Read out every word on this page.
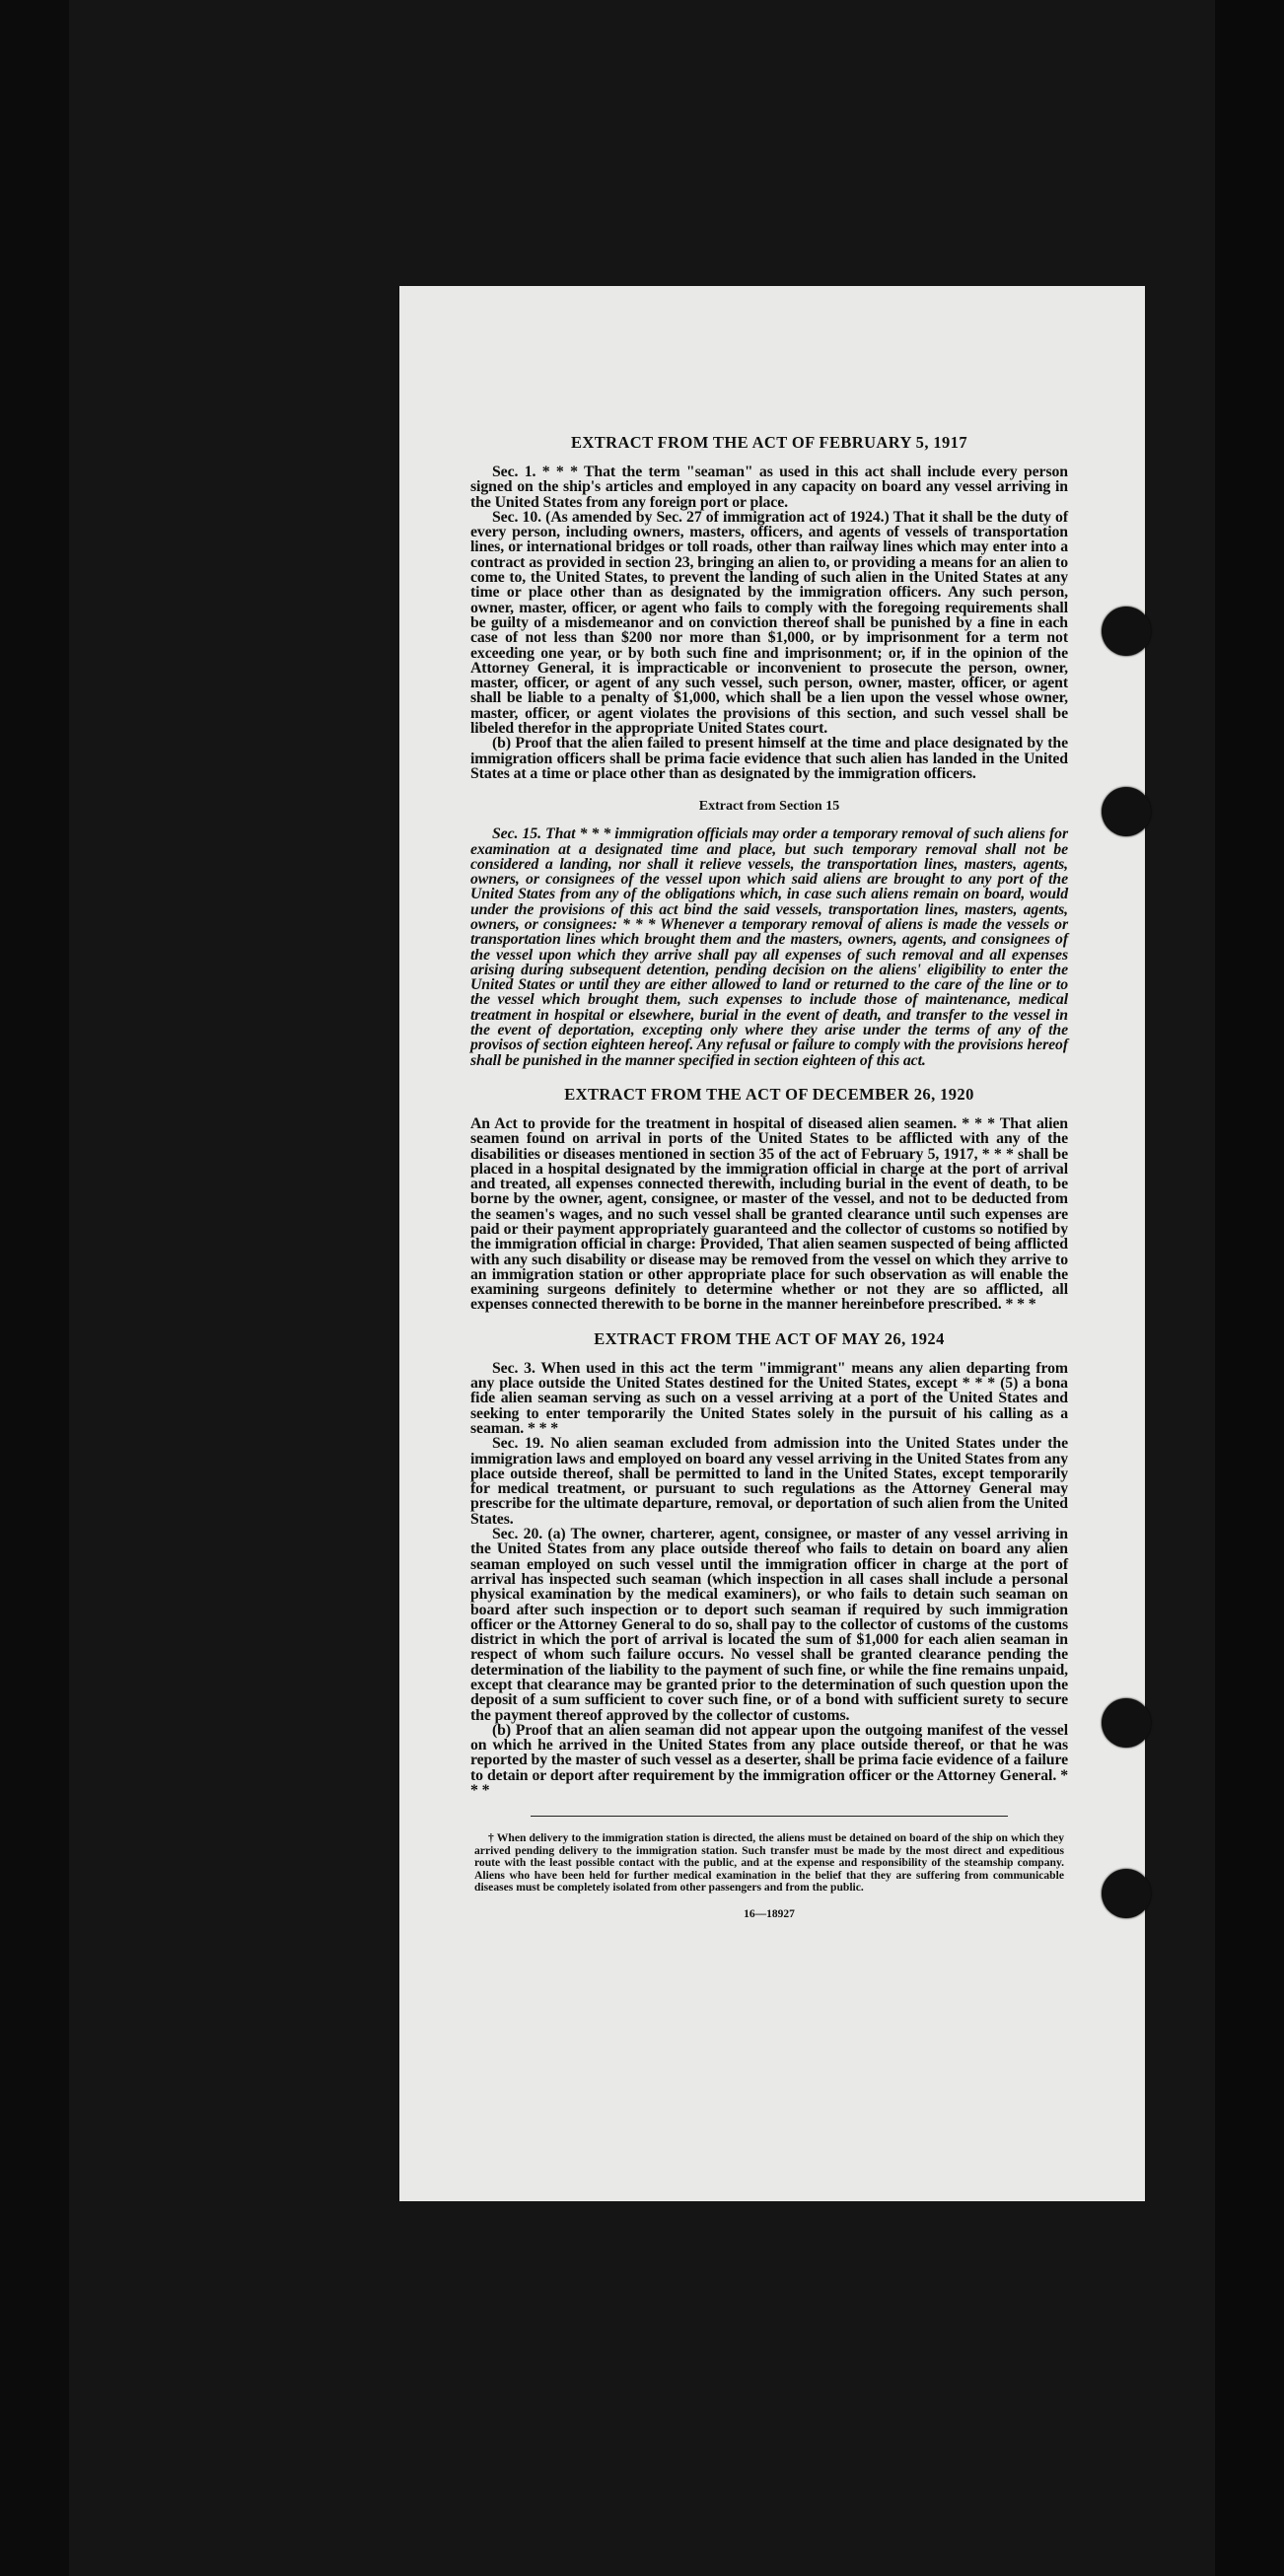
EXTRACT FROM THE ACT OF FEBRUARY 5, 1917

Sec. 1. * * * That the term "seaman" as used in this act shall include every person signed on the ship's articles and employed in any capacity on board any vessel arriving in the United States from any foreign port or place.

Sec. 10. (As amended by Sec. 27 of immigration act of 1924.) That it shall be the duty of every person, including owners, masters, officers, and agents of vessels of transportation lines, or international bridges or toll roads, other than railway lines which may enter into a contract as provided in section 23, bringing an alien to, or providing a means for an alien to come to, the United States, to prevent the landing of such alien in the United States at any time or place other than as designated by the immigration officers. Any such person, owner, master, officer, or agent who fails to comply with the foregoing requirements shall be guilty of a misdemeanor and on conviction thereof shall be punished by a fine in each case of not less than $200 nor more than $1,000, or by imprisonment for a term not exceeding one year, or by both such fine and imprisonment; or, if in the opinion of the Attorney General, it is impracticable or inconvenient to prosecute the person, owner, master, officer, or agent of any such vessel, such person, owner, master, officer, or agent shall be liable to a penalty of $1,000, which shall be a lien upon the vessel whose owner, master, officer, or agent violates the provisions of this section, and such vessel shall be libeled therefor in the appropriate United States court.

(b) Proof that the alien failed to present himself at the time and place designated by the immigration officers shall be prima facie evidence that such alien has landed in the United States at a time or place other than as designated by the immigration officers.

Extract from Section 15

Sec. 15. That * * * immigration officials may order a temporary removal of such aliens for examination at a designated time and place, but such temporary removal shall not be considered a landing, nor shall it relieve vessels, the transportation lines, masters, agents, owners, or consignees of the vessel upon which said aliens are brought to any port of the United States from any of the obligations which, in case such aliens remain on board, would under the provisions of this act bind the said vessels, transportation lines, masters, agents, owners, or consignees: * * * Whenever a temporary removal of aliens is made the vessels or transportation lines which brought them and the masters, owners, agents, and consignees of the vessel upon which they arrive shall pay all expenses of such removal and all expenses arising during subsequent detention, pending decision on the aliens' eligibility to enter the United States or until they are either allowed to land or returned to the care of the line or to the vessel which brought them, such expenses to include those of maintenance, medical treatment in hospital or elsewhere, burial in the event of death, and transfer to the vessel in the event of deportation, excepting only where they arise under the terms of any of the provisos of section eighteen hereof. Any refusal or failure to comply with the provisions hereof shall be punished in the manner specified in section eighteen of this act.

EXTRACT FROM THE ACT OF DECEMBER 26, 1920

An Act to provide for the treatment in hospital of diseased alien seamen. * * * That alien seamen found on arrival in ports of the United States to be afflicted with any of the disabilities or diseases mentioned in section 35 of the act of February 5, 1917, * * * shall be placed in a hospital designated by the immigration official in charge at the port of arrival and treated, all expenses connected therewith, including burial in the event of death, to be borne by the owner, agent, consignee, or master of the vessel, and not to be deducted from the seamen's wages, and no such vessel shall be granted clearance until such expenses are paid or their payment appropriately guaranteed and the collector of customs so notified by the immigration official in charge: Provided, That alien seamen suspected of being afflicted with any such disability or disease may be removed from the vessel on which they arrive to an immigration station or other appropriate place for such observation as will enable the examining surgeons definitely to determine whether or not they are so afflicted, all expenses connected therewith to be borne in the manner hereinbefore prescribed. * * *

EXTRACT FROM THE ACT OF MAY 26, 1924

Sec. 3. When used in this act the term "immigrant" means any alien departing from any place outside the United States destined for the United States, except * * * (5) a bona fide alien seaman serving as such on a vessel arriving at a port of the United States and seeking to enter temporarily the United States solely in the pursuit of his calling as a seaman. * * *

Sec. 19. No alien seaman excluded from admission into the United States under the immigration laws and employed on board any vessel arriving in the United States from any place outside thereof, shall be permitted to land in the United States, except temporarily for medical treatment, or pursuant to such regulations as the Attorney General may prescribe for the ultimate departure, removal, or deportation of such alien from the United States.

Sec. 20. (a) The owner, charterer, agent, consignee, or master of any vessel arriving in the United States from any place outside thereof who fails to detain on board any alien seaman employed on such vessel until the immigration officer in charge at the port of arrival has inspected such seaman (which inspection in all cases shall include a personal physical examination by the medical examiners), or who fails to detain such seaman on board after such inspection or to deport such seaman if required by such immigration officer or the Attorney General to do so, shall pay to the collector of customs of the customs district in which the port of arrival is located the sum of $1,000 for each alien seaman in respect of whom such failure occurs. No vessel shall be granted clearance pending the determination of the liability to the payment of such fine, or while the fine remains unpaid, except that clearance may be granted prior to the determination of such question upon the deposit of a sum sufficient to cover such fine, or of a bond with sufficient surety to secure the payment thereof approved by the collector of customs.

(b) Proof that an alien seaman did not appear upon the outgoing manifest of the vessel on which he arrived in the United States from any place outside thereof, or that he was reported by the master of such vessel as a deserter, shall be prima facie evidence of a failure to detain or deport after requirement by the immigration officer or the Attorney General. * * *

† When delivery to the immigration station is directed, the aliens must be detained on board of the ship on which they arrived pending delivery to the immigration station. Such transfer must be made by the most direct and expeditious route with the least possible contact with the public, and at the expense and responsibility of the steamship company. Aliens who have been held for further medical examination in the belief that they are suffering from communicable diseases must be completely isolated from other passengers and from the public.

16—18927
